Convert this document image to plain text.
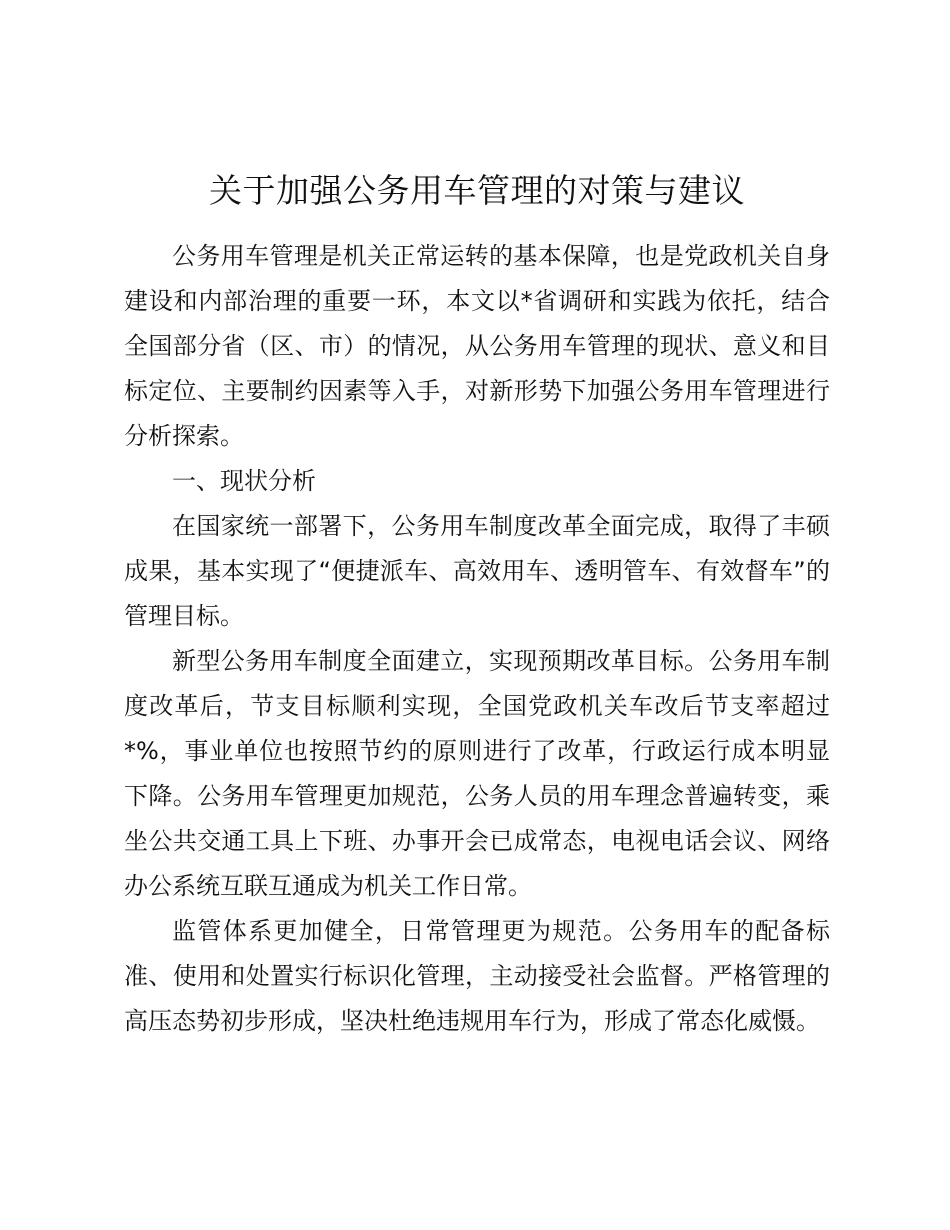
关于加强公务用车管理的对策与建议

公务用车管理是机关正常运转的基本保障，也是党政机关自身建设和内部治理的重要一环，本文以*省调研和实践为依托，结合全国部分省（区、市）的情况，从公务用车管理的现状、意义和目标定位、主要制约因素等入手，对新形势下加强公务用车管理进行分析探索。

一、现状分析

在国家统一部署下，公务用车制度改革全面完成，取得了丰硕成果，基本实现了“便捷派车、高效用车、透明管车、有效督车”的管理目标。

新型公务用车制度全面建立，实现预期改革目标。公务用车制度改革后，节支目标顺利实现，全国党政机关车改后节支率超过*%，事业单位也按照节约的原则进行了改革，行政运行成本明显下降。公务用车管理更加规范，公务人员的用车理念普遍转变，乘坐公共交通工具上下班、办事开会已成常态，电视电话会议、网络办公系统互联互通成为机关工作日常。

监管体系更加健全，日常管理更为规范。公务用车的配备标准、使用和处置实行标识化管理，主动接受社会监督。严格管理的高压态势初步形成，坚决杜绝违规用车行为，形成了常态化威慑。
